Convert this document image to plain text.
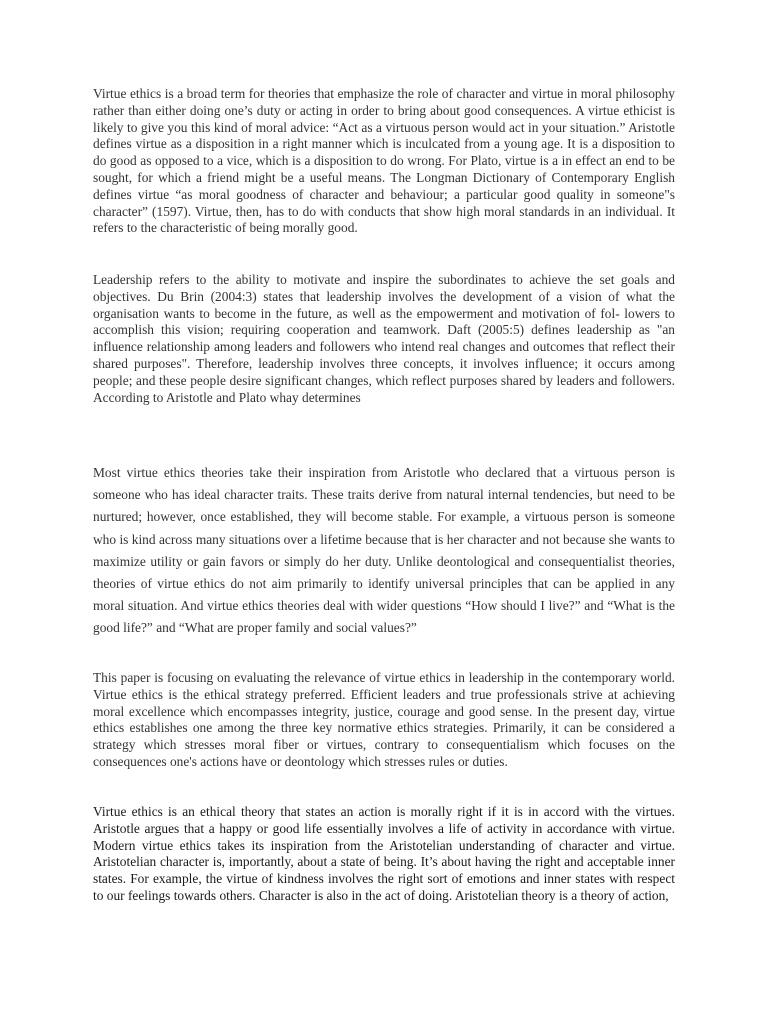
Virtue ethics is a broad term for theories that emphasize the role of character and virtue in moral philosophy rather than either doing one’s duty or acting in order to bring about good consequences. A virtue ethicist is likely to give you this kind of moral advice: “Act as a virtuous person would act in your situation.” Aristotle defines virtue as a disposition in a right manner which is inculcated from a young age. It is a disposition to do good as opposed to a vice, which is a disposition to do wrong. For Plato, virtue is a in effect an end to be sought, for which a friend might be a useful means. The Longman Dictionary of Contemporary English defines virtue “as moral goodness of character and behaviour; a particular good quality in someone"s character” (1597). Virtue, then, has to do with conducts that show high moral standards in an individual. It refers to the characteristic of being morally good.

Leadership refers to the ability to motivate and inspire the subordinates to achieve the set goals and objectives. Du Brin (2004:3) states that leadership involves the development of a vision of what the organisation wants to become in the future, as well as the empowerment and motivation of fol- lowers to accomplish this vision; requiring cooperation and teamwork. Daft (2005:5) defines leadership as "an influence relationship among leaders and followers who intend real changes and outcomes that reflect their shared purposes". Therefore, leadership involves three concepts, it involves influence; it occurs among people; and these people desire significant changes, which reflect purposes shared by leaders and followers. According to Aristotle and Plato whay determines

Most virtue ethics theories take their inspiration from Aristotle who declared that a virtuous person is someone who has ideal character traits. These traits derive from natural internal tendencies, but need to be nurtured; however, once established, they will become stable. For example, a virtuous person is someone who is kind across many situations over a lifetime because that is her character and not because she wants to maximize utility or gain favors or simply do her duty. Unlike deontological and consequentialist theories, theories of virtue ethics do not aim primarily to identify universal principles that can be applied in any moral situation. And virtue ethics theories deal with wider questions “How should I live?” and “What is the good life?” and “What are proper family and social values?”

This paper is focusing on evaluating the relevance of virtue ethics in leadership in the contemporary world. Virtue ethics is the ethical strategy preferred. Efficient leaders and true professionals strive at achieving moral excellence which encompasses integrity, justice, courage and good sense. In the present day, virtue ethics establishes one among the three key normative ethics strategies. Primarily, it can be considered a strategy which stresses moral fiber or virtues, contrary to consequentialism which focuses on the consequences one's actions have or deontology which stresses rules or duties.

Virtue ethics is an ethical theory that states an action is morally right if it is in accord with the virtues. Aristotle argues that a happy or good life essentially involves a life of activity in accordance with virtue. Modern virtue ethics takes its inspiration from the Aristotelian understanding of character and virtue. Aristotelian character is, importantly, about a state of being. It’s about having the right and acceptable inner states. For example, the virtue of kindness involves the right sort of emotions and inner states with respect to our feelings towards others. Character is also in the act of doing. Aristotelian theory is a theory of action,
